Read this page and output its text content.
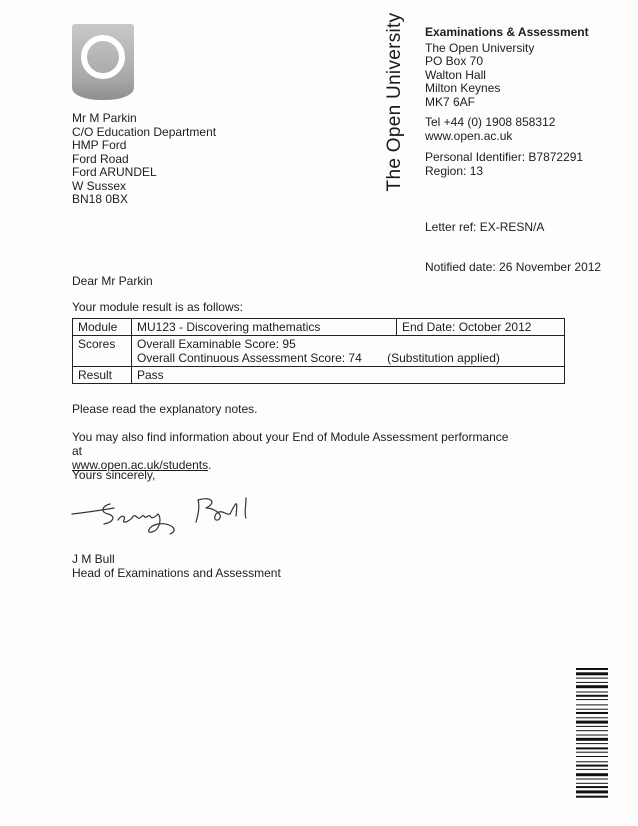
The Open University Examinations & Assessment
The Open University
PO Box 70
Walton Hall
Milton Keynes
MK7 6AF
Tel +44 (0) 1908 858312
www.open.ac.uk
Personal Identifier: B7872291
Region: 13
Mr M Parkin
C/O Education Department
HMP Ford
Ford Road
Ford ARUNDEL
W Sussex
BN18 0BX
Letter ref: EX-RESN/A
Notified date: 26 November 2012
Dear Mr Parkin
Your module result is as follows:
Module	MU123 - Discovering mathematics	End Date: October 2012
Scores	Overall Examinable Score: 95
Overall Continuous Assessment Score: 74 (Substitution applied)	
Result	Pass	
Please read the explanatory notes.
You may also find information about your End of Module Assessment performance at
www.open.ac.uk/students.
Yours sincerely,
J M Bull
Head of Examinations and Assessment
